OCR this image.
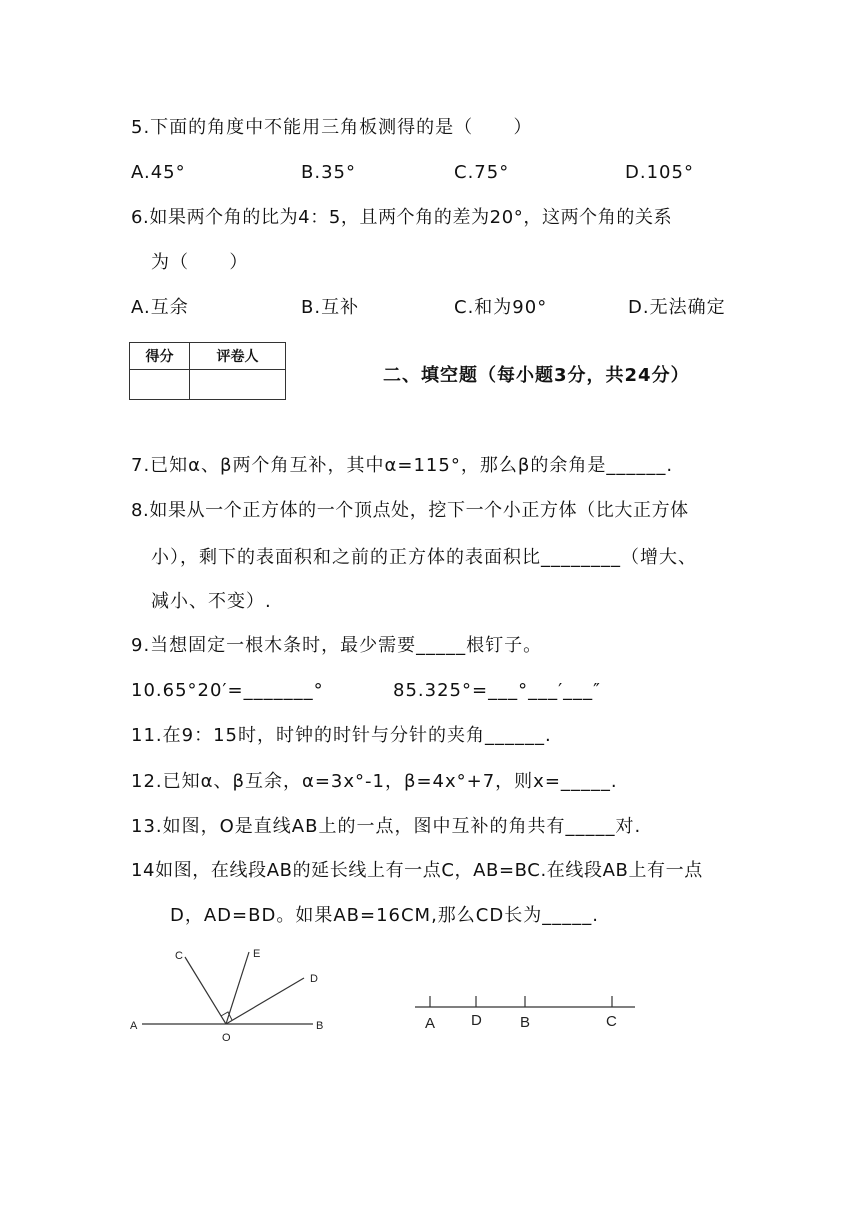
5.下面的角度中不能用三角板测得的是（      ）
A.45°	B.35°	C.75°	D.105°
6.如果两个角的比为4：5，且两个角的差为20°，这两个角的关系
为（      ）
A.互余	B.互补	C.和为90°	D.无法确定
得分	评卷人

二、填空题（每小题3分，共24分）
7.已知α、β两个角互补，其中α=115°，那么β的余角是______.
8.如果从一个正方体的一个顶点处，挖下一个小正方体（比大正方体
小），剩下的表面积和之前的正方体的表面积比________（增大、
减小、不变）.
9.当想固定一根木条时，最少需要_____根钉子。
10.65°20′=_______°	85.325°=___°___′___″
11.在9：15时，时钟的时针与分针的夹角______.
12.已知α、β互余，α=3x°-1，β=4x°+7，则x=_____.
13.如图，O是直线AB上的一点，图中互补的角共有_____对.
14如图，在线段AB的延长线上有一点C，AB=BC.在线段AB上有一点
D，AD=BD。如果AB=16CM,那么CD长为_____.
A	B
O
C	E
D
A D	B	C
